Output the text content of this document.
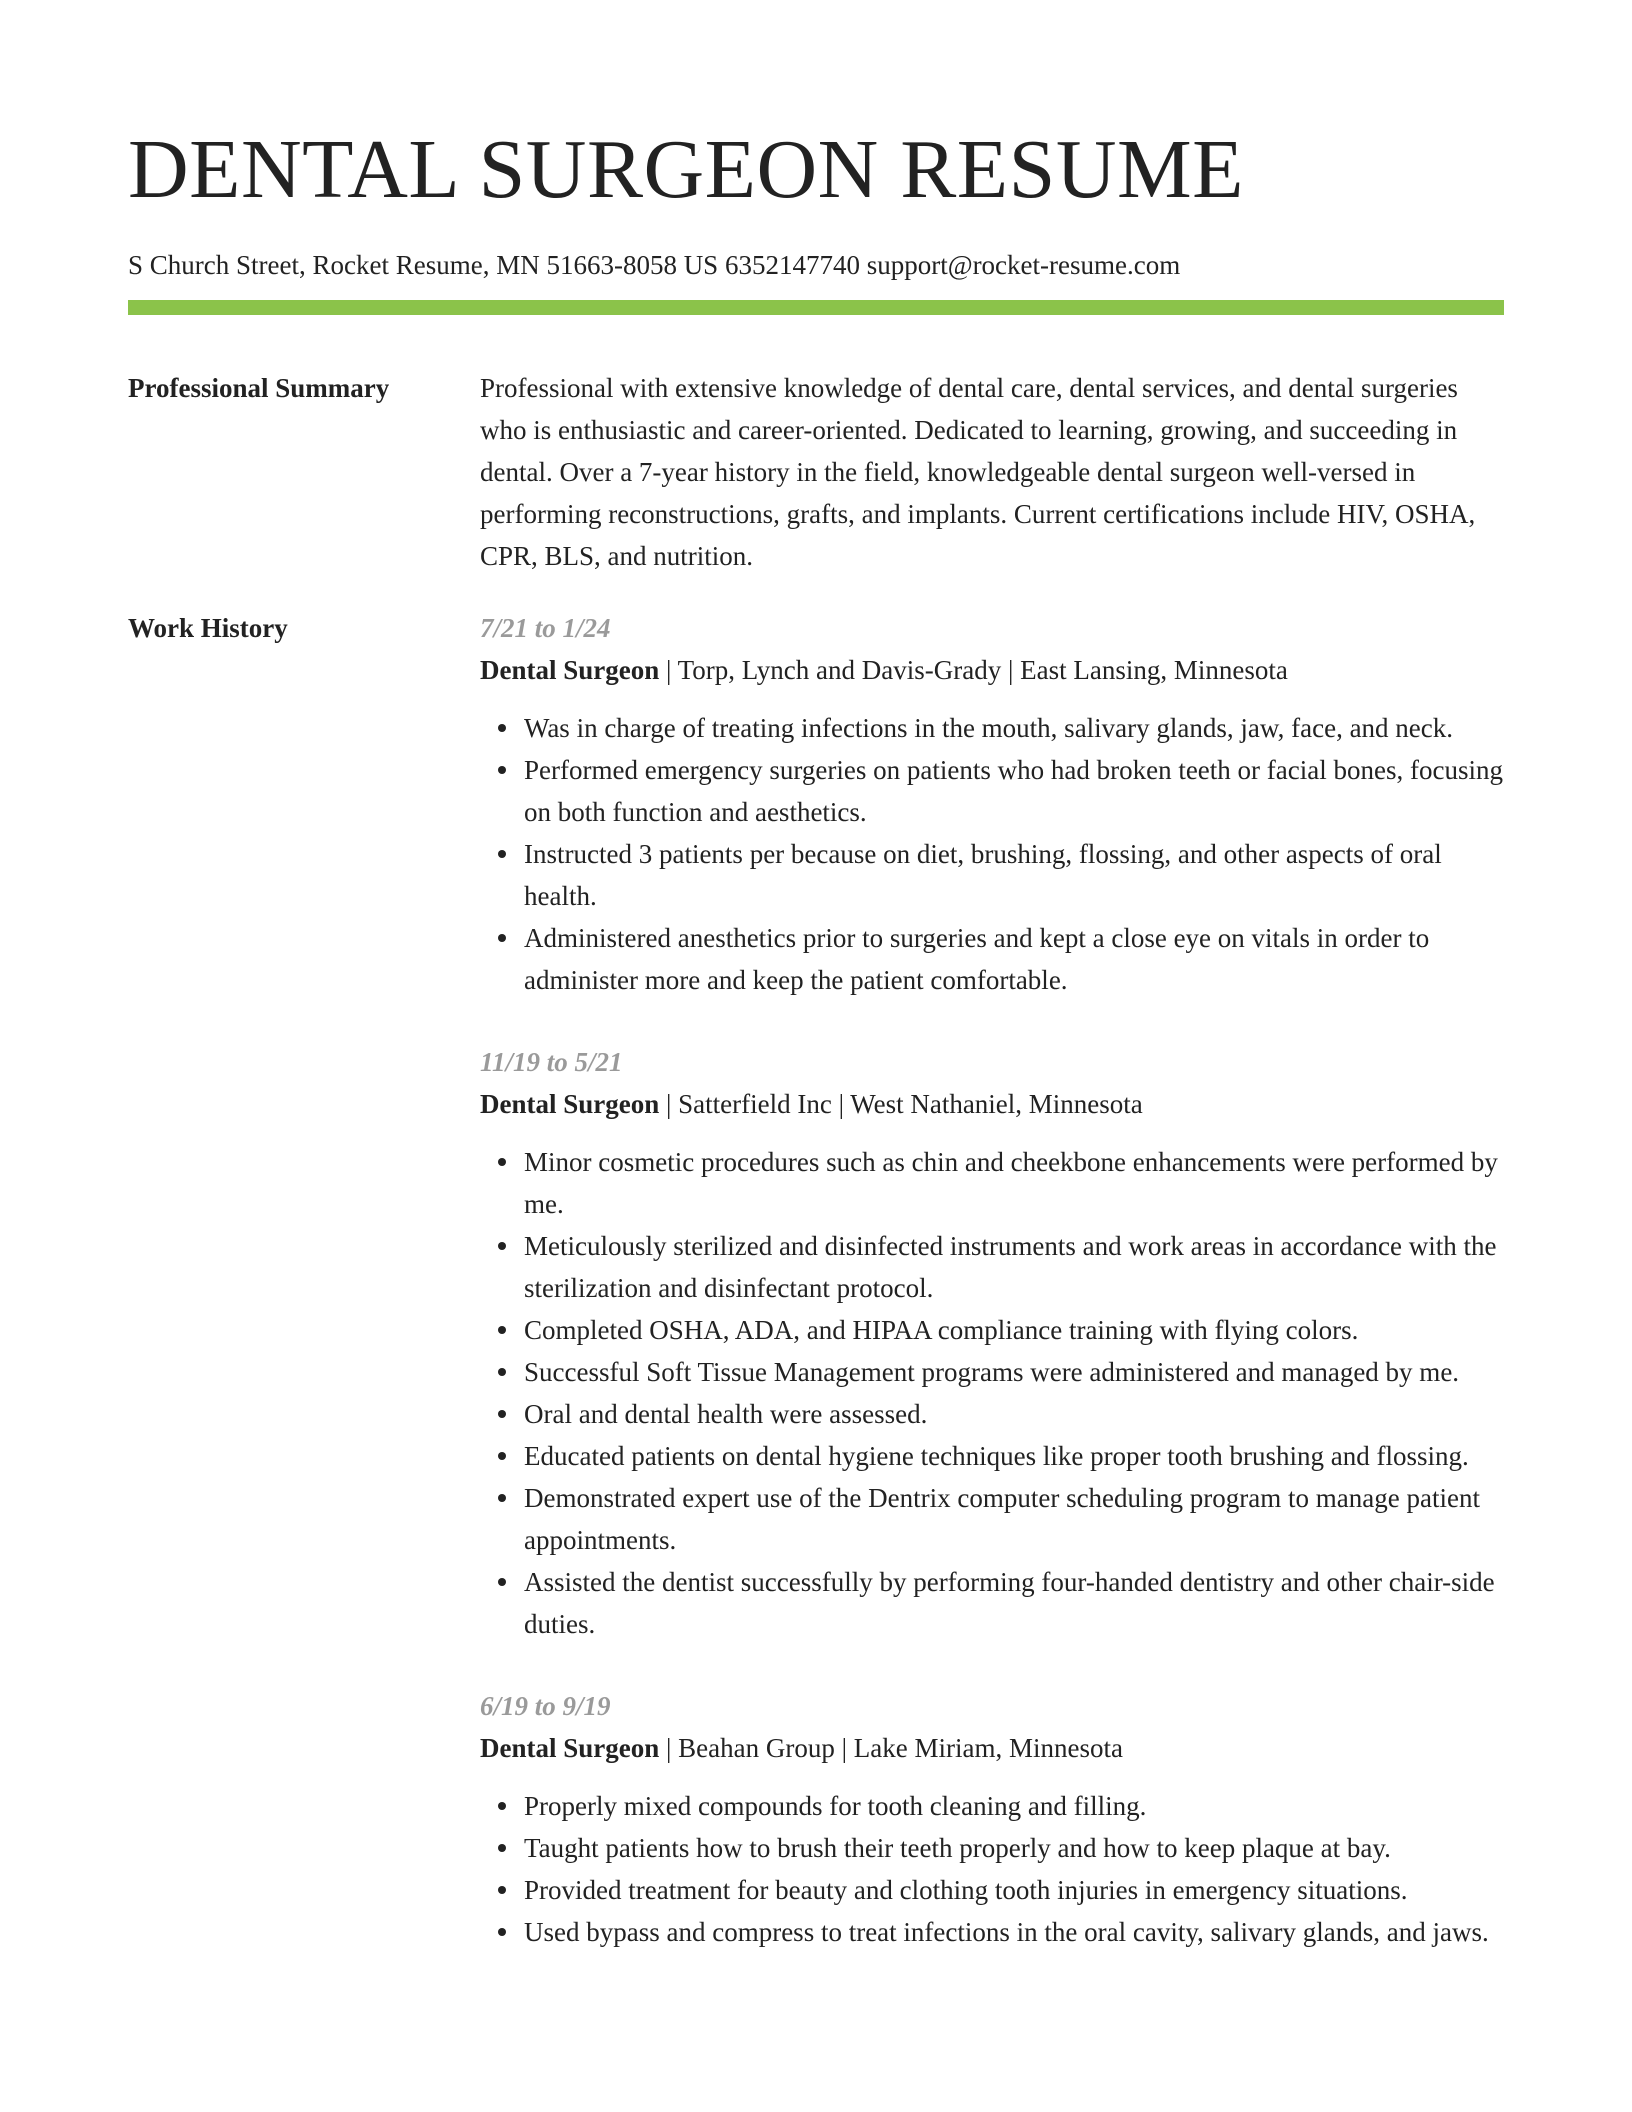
DENTAL SURGEON RESUME
S Church Street, Rocket Resume, MN 51663-8058 US 6352147740 support@rocket-resume.com
Professional Summary	Professional with extensive knowledge of dental care, dental services, and dental surgeries who is enthusiastic and career-oriented. Dedicated to learning, growing, and succeeding in dental. Over a 7-year history in the field, knowledgeable dental surgeon well-versed in performing reconstructions, grafts, and implants. Current certifications include HIV, OSHA, CPR, BLS, and nutrition.

Work History	7/21 to 1/24
Dental Surgeon | Torp, Lynch and Davis-Grady | East Lansing, Minnesota
Was in charge of treating infections in the mouth, salivary glands, jaw, face, and neck.
Performed emergency surgeries on patients who had broken teeth or facial bones, focusing on both function and aesthetics.
Instructed 3 patients per because on diet, brushing, flossing, and other aspects of oral health.
Administered anesthetics prior to surgeries and kept a close eye on vitals in order to administer more and keep the patient comfortable.
11/19 to 5/21
Dental Surgeon | Satterfield Inc | West Nathaniel, Minnesota
Minor cosmetic procedures such as chin and cheekbone enhancements were performed by me.
Meticulously sterilized and disinfected instruments and work areas in accordance with the sterilization and disinfectant protocol.
Completed OSHA, ADA, and HIPAA compliance training with flying colors.
Successful Soft Tissue Management programs were administered and managed by me.
Oral and dental health were assessed.
Educated patients on dental hygiene techniques like proper tooth brushing and flossing.
Demonstrated expert use of the Dentrix computer scheduling program to manage patient appointments.
Assisted the dentist successfully by performing four-handed dentistry and other chair-side duties.
6/19 to 9/19
Dental Surgeon | Beahan Group | Lake Miriam, Minnesota
Properly mixed compounds for tooth cleaning and filling.
Taught patients how to brush their teeth properly and how to keep plaque at bay.
Provided treatment for beauty and clothing tooth injuries in emergency situations.
Used bypass and compress to treat infections in the oral cavity, salivary glands, and jaws.
